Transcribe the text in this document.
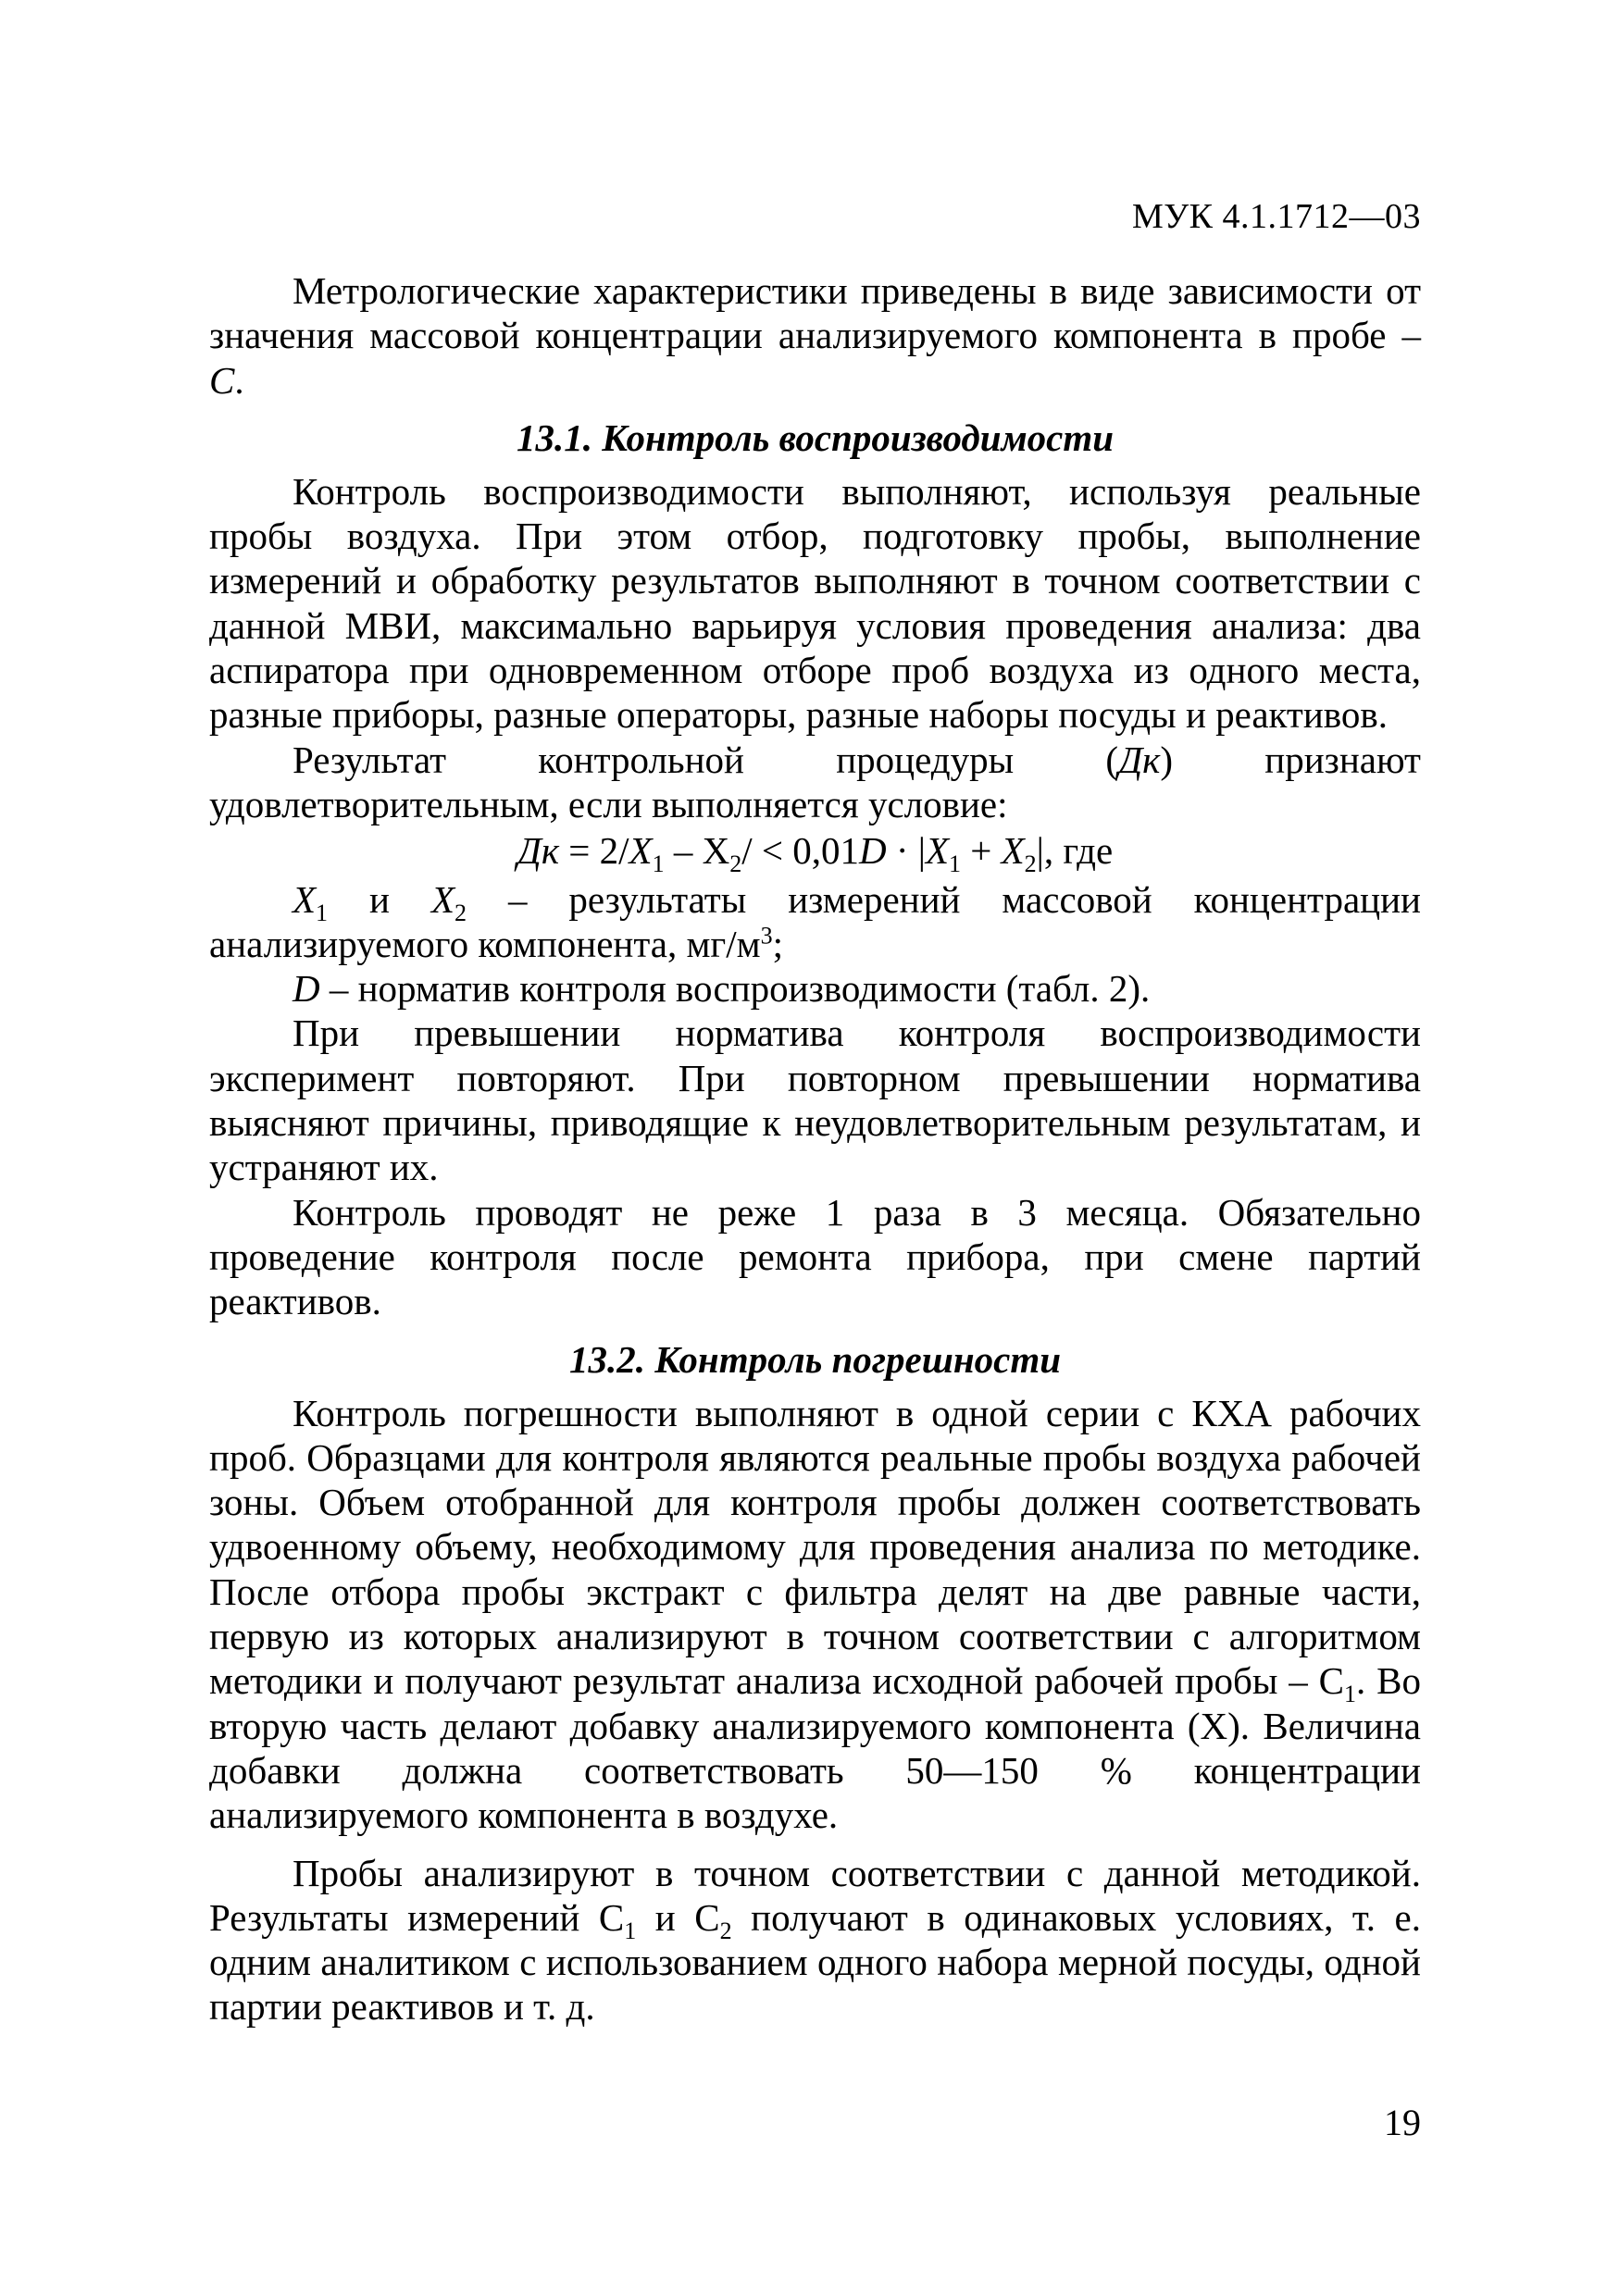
МУК 4.1.1712—03

Метрологические характеристики приведены в виде зависимости от значения массовой концентрации анализируемого компонента в пробе – С.

13.1. Контроль воспроизводимости

Контроль воспроизводимости выполняют, используя реальные пробы воздуха. При этом отбор, подготовку пробы, выполнение измерений и обработку результатов выполняют в точном соответствии с данной МВИ, максимально варьируя условия проведения анализа: два аспиратора при одновременном отборе проб воздуха из одного места, разные приборы, разные операторы, разные наборы посуды и реактивов.

Результат контрольной процедуры (Дк) признают удовлетворительным, если выполняется условие:

Дк = $2/X_1 - X_2/ < 0,01D \cdot |X_1 + X_2|$, где

$X_1$ и $X_2$ – результаты измерений массовой концентрации анализируемого компонента, $мг/м^3$;

D – норматив контроля воспроизводимости (табл. 2).

При превышении норматива контроля воспроизводимости эксперимент повторяют. При повторном превышении норматива выясняют причины, приводящие к неудовлетворительным результатам, и устраняют их.

Контроль проводят не реже 1 раза в 3 месяца. Обязательно проведение контроля после ремонта прибора, при смене партий реактивов.

13.2. Контроль погрешности

Контроль погрешности выполняют в одной серии с КХА рабочих проб. Образцами для контроля являются реальные пробы воздуха рабочей зоны. Объем отобранной для контроля пробы должен соответствовать удвоенному объему, необходимому для проведения анализа по методике. После отбора пробы экстракт с фильтра делят на две равные части, первую из которых анализируют в точном соответствии с алгоритмом методики и получают результат анализа исходной рабочей пробы – $С_1$. Во вторую часть делают добавку анализируемого компонента (Х). Величина добавки должна соответствовать 50—150 % концентрации анализируемого компонента в воздухе.

Пробы анализируют в точном соответствии с данной методикой. Результаты измерений $С_1$ и $С_2$ получают в одинаковых условиях, т. е. одним аналитиком с использованием одного набора мерной посуды, одной партии реактивов и т. д.

19
